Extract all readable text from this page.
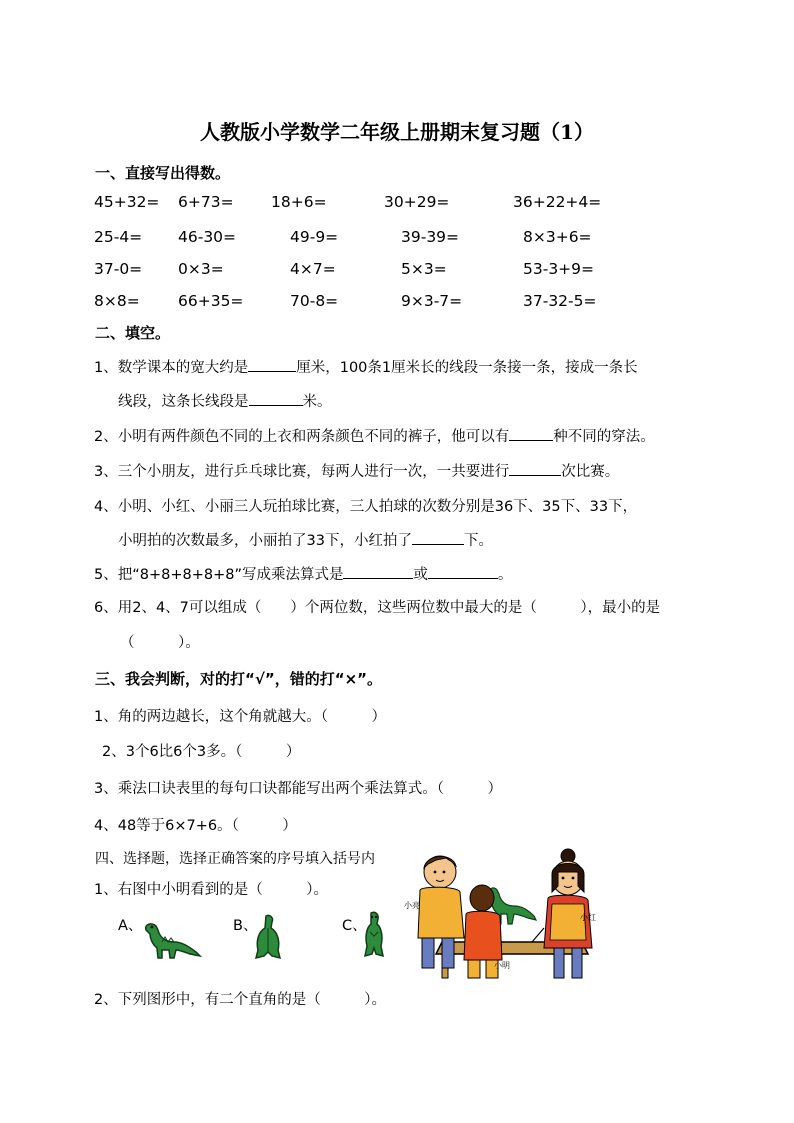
人教版小学数学二年级上册期末复习题（1）
一、直接写出得数。
45+32= 6+73= 18+6=	30+29=	36+22+4=
25-4= 46-30=	49-9=	39-39=	8×3+6=
37-0= 0×3=	4×7=	5×3=	53-3+9=
8×8= 66+35=	70-8=	9×3-7=	37-32-5=
二、填空。
1、数学课本的宽大约是	厘米，100条1厘米长的线段一条接一条，接成一条长
线段，这条长线段是	米。
2、小明有两件颜色不同的上衣和两条颜色不同的裤子，他可以有	种不同的穿法。
3、三个小朋友，进行乒乓球比赛，每两人进行一次，一共要进行	次比赛。
4、小明、小红、小丽三人玩拍球比赛，三人拍球的次数分别是36下、35下、33下，
小明拍的次数最多，小丽拍了33下，小红拍了	下。
5、把“8+8+8+8+8”写成乘法算式是	或	。
6、用2、4、7可以组成（　　）个两位数，这些两位数中最大的是（　　　），最小的是
（　　　）。
三、我会判断，对的打“√”，错的打“×”。
1、角的两边越长，这个角就越大。（　　　）
2、3个6比6个3多。（　　　）
3、乘法口诀表里的每句口诀都能写出两个乘法算式。（　　　）
4、48等于6×7+6。（　　　）
四、选择题，选择正确答案的序号填入括号内
1、右图中小明看到的是（　　　）。
A、	B、	C、
小亮
小明
小红
2、下列图形中，有二个直角的是（　　　）。
